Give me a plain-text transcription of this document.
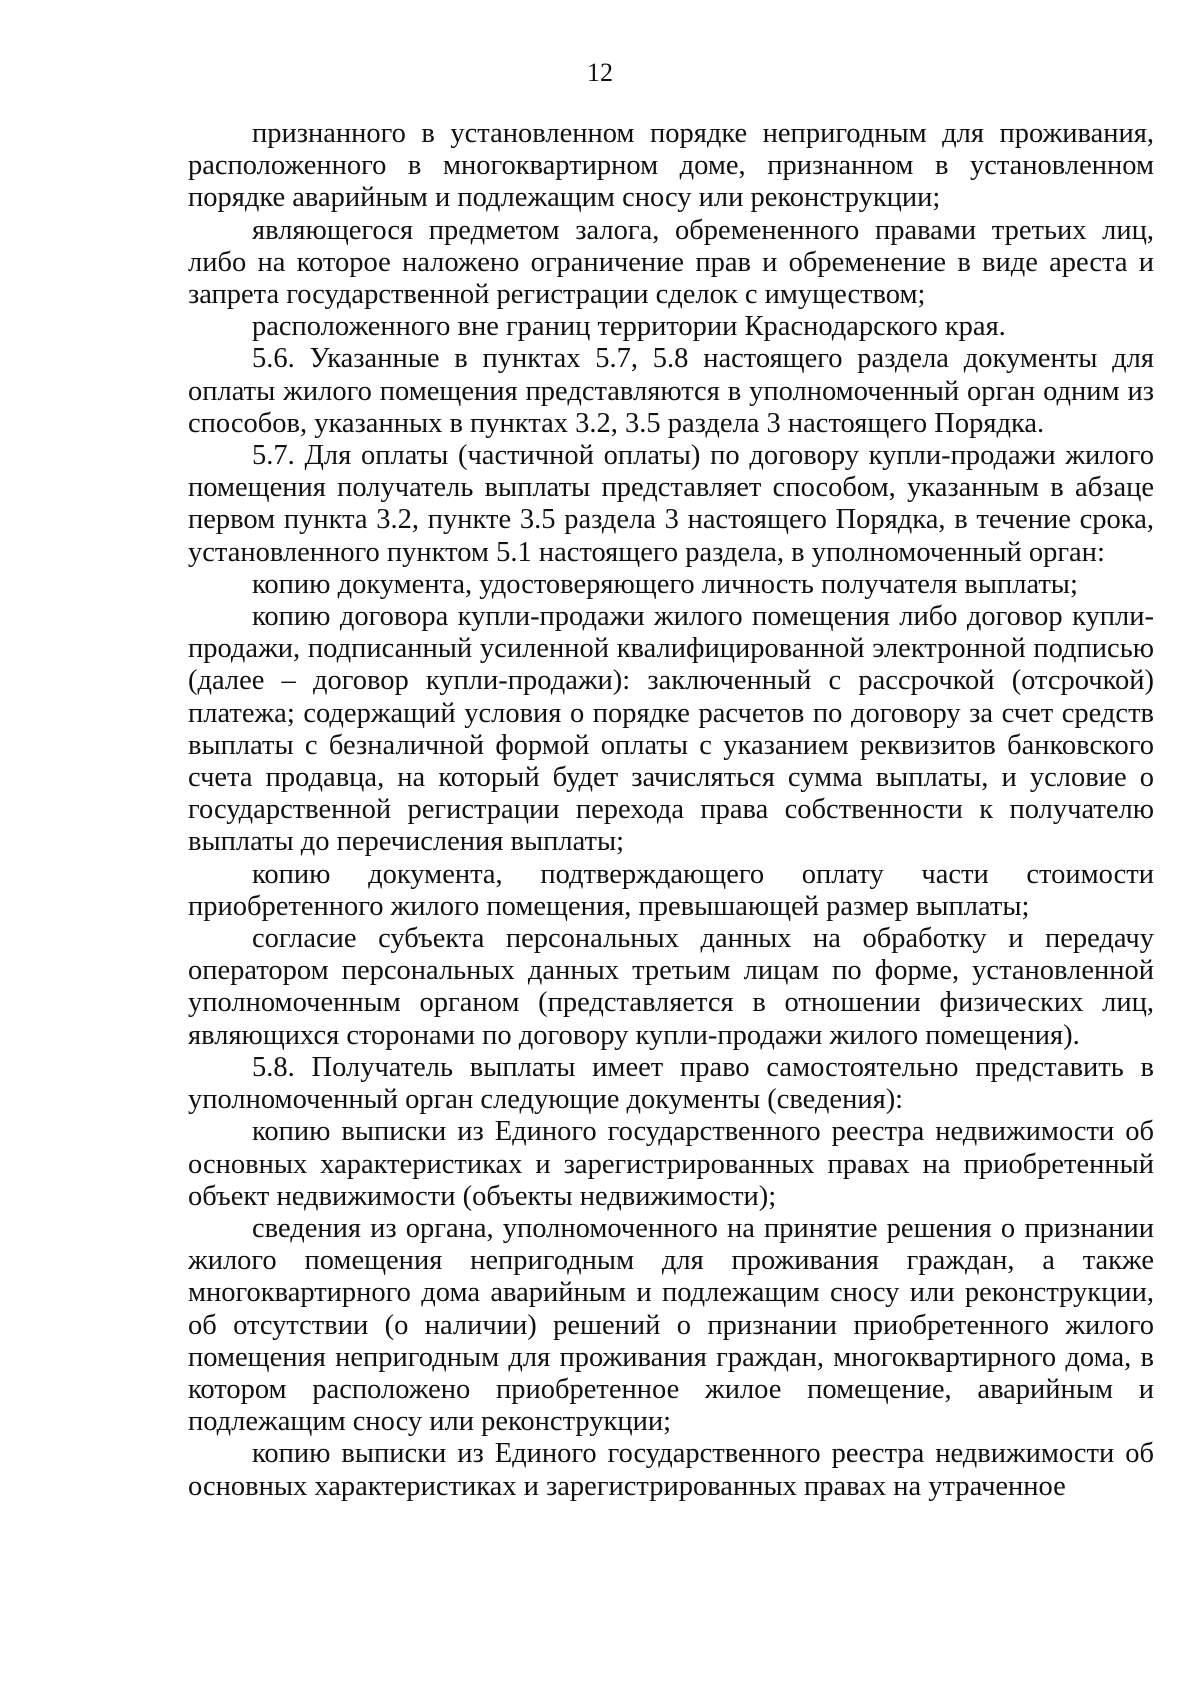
12

признанного в установленном порядке непригодным для проживания, расположенного в многоквартирном доме, признанном в установленном порядке аварийным и подлежащим сносу или реконструкции;

являющегося предметом залога, обремененного правами третьих лиц, либо на которое наложено ограничение прав и обременение в виде ареста и запрета государственной регистрации сделок с имуществом;

расположенного вне границ территории Краснодарского края.

5.6. Указанные в пунктах 5.7, 5.8 настоящего раздела документы для оплаты жилого помещения представляются в уполномоченный орган одним из способов, указанных в пунктах 3.2, 3.5 раздела 3 настоящего Порядка.

5.7. Для оплаты (частичной оплаты) по договору купли-продажи жилого помещения получатель выплаты представляет способом, указанным в абзаце первом пункта 3.2, пункте 3.5 раздела 3 настоящего Порядка, в течение срока, установленного пунктом 5.1 настоящего раздела, в уполномоченный орган:

копию документа, удостоверяющего личность получателя выплаты;

копию договора купли-продажи жилого помещения либо договор купли-продажи, подписанный усиленной квалифицированной электронной подписью (далее – договор купли-продажи): заключенный с рассрочкой (отсрочкой) платежа; содержащий условия о порядке расчетов по договору за счет средств выплаты с безналичной формой оплаты с указанием реквизитов банковского счета продавца, на который будет зачисляться сумма выплаты, и условие о государственной регистрации перехода права собственности к получателю выплаты до перечисления выплаты;

копию документа, подтверждающего оплату части стоимости приобретенного жилого помещения, превышающей размер выплаты;

согласие субъекта персональных данных на обработку и передачу оператором персональных данных третьим лицам по форме, установленной уполномоченным органом (представляется в отношении физических лиц, являющихся сторонами по договору купли-продажи жилого помещения).

5.8. Получатель выплаты имеет право самостоятельно представить в уполномоченный орган следующие документы (сведения):

копию выписки из Единого государственного реестра недвижимости об основных характеристиках и зарегистрированных правах на приобретенный объект недвижимости (объекты недвижимости);

сведения из органа, уполномоченного на принятие решения о признании жилого помещения непригодным для проживания граждан, а также многоквартирного дома аварийным и подлежащим сносу или реконструкции, об отсутствии (о наличии) решений о признании приобретенного жилого помещения непригодным для проживания граждан, многоквартирного дома, в котором расположено приобретенное жилое помещение, аварийным и подлежащим сносу или реконструкции;

копию выписки из Единого государственного реестра недвижимости об основных характеристиках и зарегистрированных правах на утраченное
